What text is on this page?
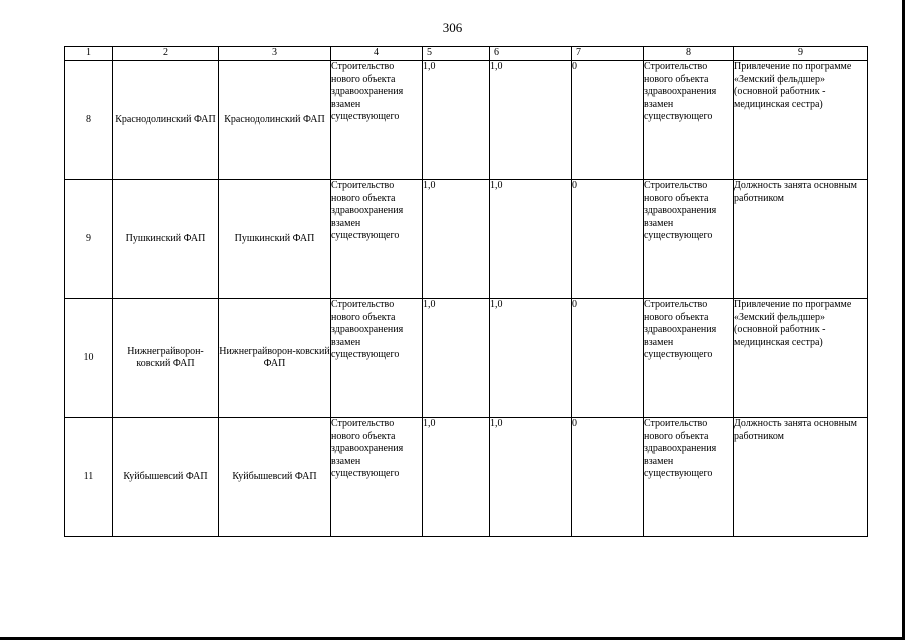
306
1	2	3	4	5	6	7	8	9
8	Краснодолинский ФАП	Краснодолинский ФАП	Строительство нового объекта здравоохранения взамен существующего	1,0	1,0	0	Строительство нового объекта здравоохранения взамен существующего	Привлечение по программе «Земский фельдшер» (основной работник - медицинская сестра)
9	Пушкинский ФАП	Пушкинский ФАП	Строительство нового объекта здравоохранения взамен существующего	1,0	1,0	0	Строительство нового объекта здравоохранения взамен существующего	Должность занята основным работником
10	Нижнеграйворон-ковский ФАП	Нижнеграйворон-ковский ФАП	Строительство нового объекта здравоохранения взамен существующего	1,0	1,0	0	Строительство нового объекта здравоохранения взамен существующего	Привлечение по программе «Земский фельдшер» (основной работник - медицинская сестра)
11	Куйбышевсий ФАП	Куйбышевсий ФАП	Строительство нового объекта здравоохранения взамен существующего	1,0	1,0	0	Строительство нового объекта здравоохранения взамен существующего	Должность занята основным работником
